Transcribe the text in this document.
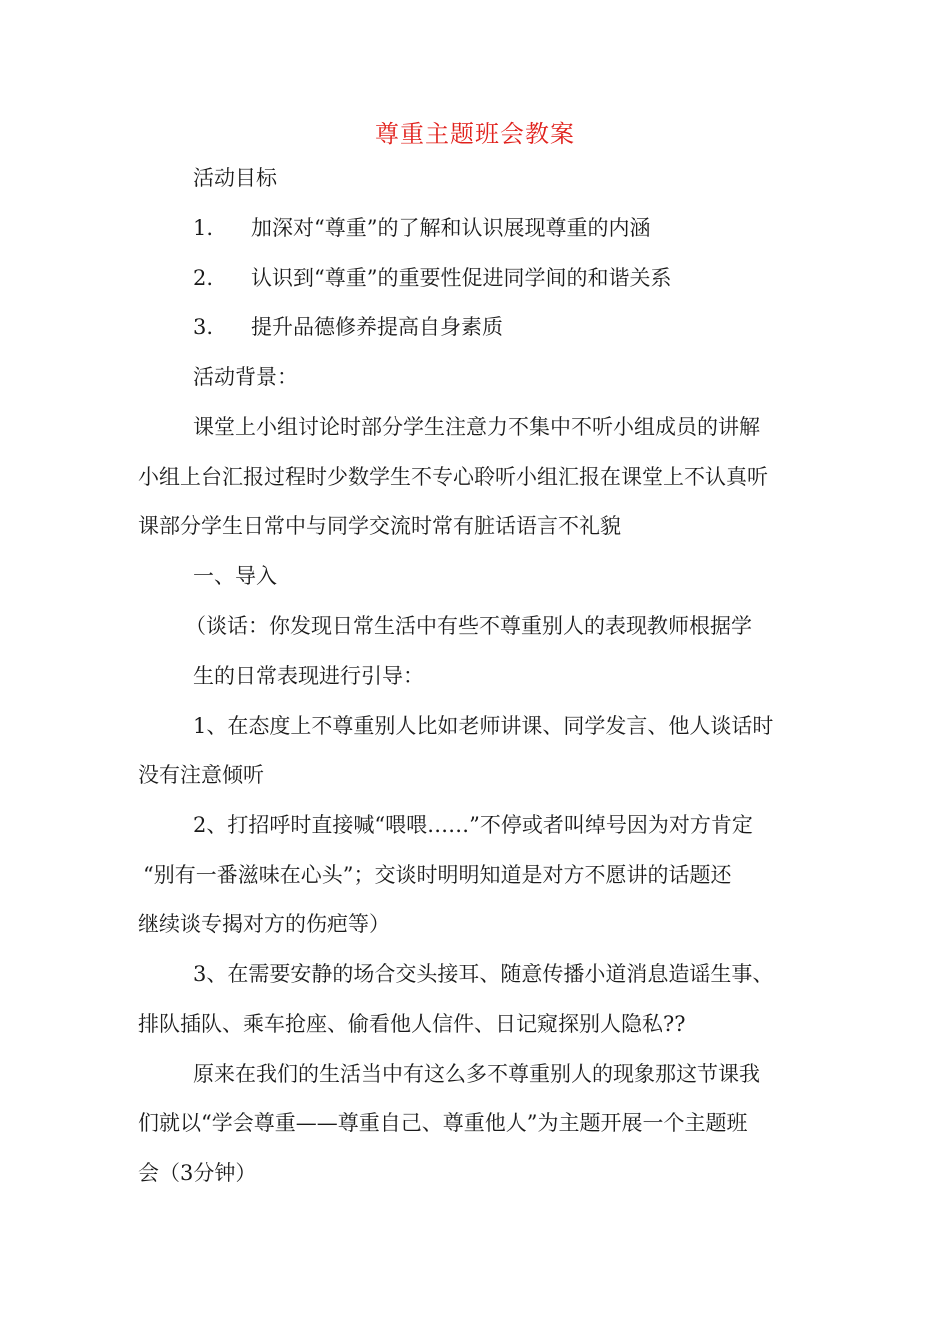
尊重主题班会教案
活动目标
1. 加深对“尊重”的了解和认识展现尊重的内涵
2. 认识到“尊重”的重要性促进同学间的和谐关系
3. 提升品德修养提高自身素质
活动背景：
课堂上小组讨论时部分学生注意力不集中不听小组成员的讲解
小组上台汇报过程时少数学生不专心聆听小组汇报在课堂上不认真听
课部分学生日常中与同学交流时常有脏话语言不礼貌
一、导入
（谈话：你发现日常生活中有些不尊重别人的表现教师根据学
生的日常表现进行引导：
1、在态度上不尊重别人比如老师讲课、同学发言、他人谈话时
没有注意倾听
2、打招呼时直接喊“喂喂……”不停或者叫绰号因为对方肯定
“别有一番滋味在心头”；交谈时明明知道是对方不愿讲的话题还
继续谈专揭对方的伤疤等）
3、在需要安静的场合交头接耳、随意传播小道消息造谣生事、
排队插队、乘车抢座、偷看他人信件、日记窥探别人隐私??
原来在我们的生活当中有这么多不尊重别人的现象那这节课我
们就以“学会尊重——尊重自己、尊重他人”为主题开展一个主题班
会（3分钟）
